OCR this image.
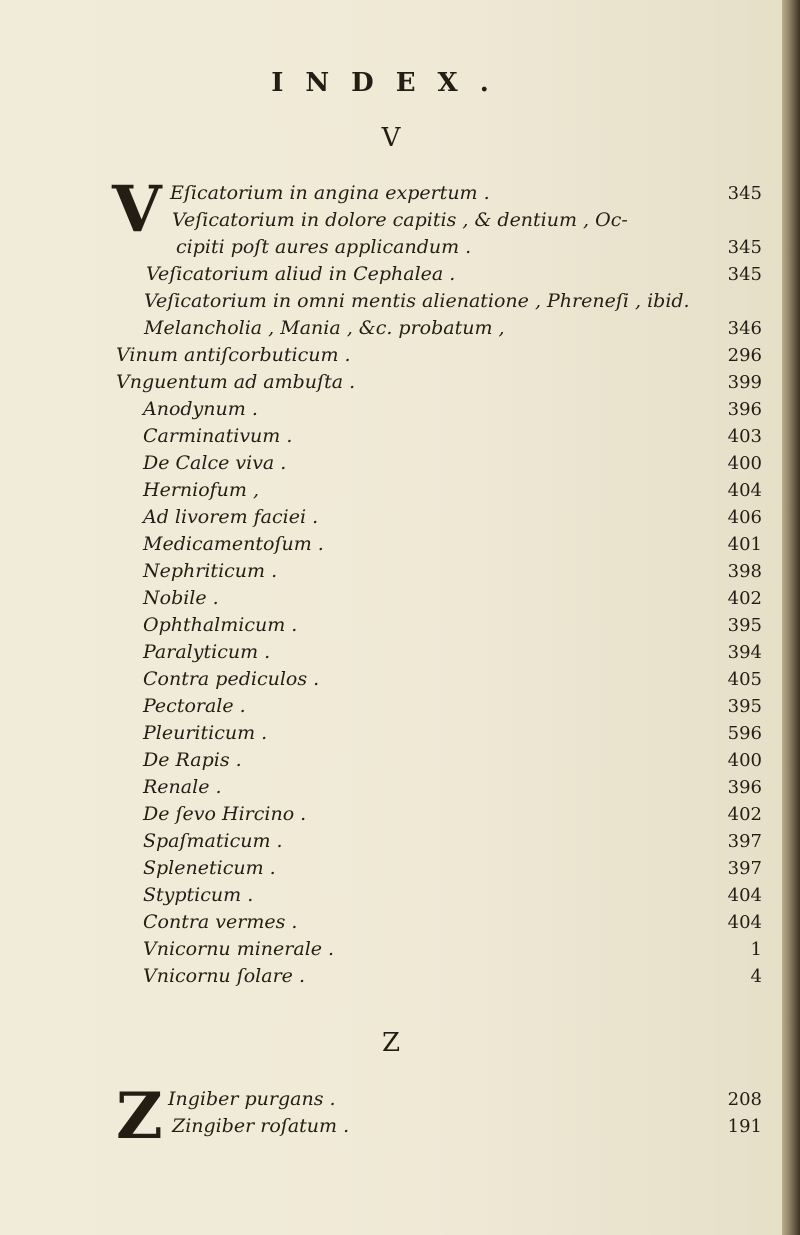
INDEX.
V
V
Z
Z
Eſicatorium in angina expertum .	345
Veſicatorium in dolore capitis , & dentium , Oc-
cipiti poſt aures applicandum .	345
Veſicatorium aliud in Cephalea .	345
Veſicatorium in omni mentis alienatione , Phreneſi , ibid.
Melancholia , Mania , &c. probatum ,	346
Vinum antiſcorbuticum .	296
Vnguentum ad ambuſta .	399
Anodynum .	396
Carminativum .	403
De Calce viva .	400
Herniofum ,	404
Ad livorem faciei .	406
Medicamentoſum .	401
Nephriticum .	398
Nobile .	402
Ophthalmicum .	395
Paralyticum .	394
Contra pediculos .	405
Pectorale .	395
Pleuriticum .	596
De Rapis .	400
Renale .	396
De ſevo Hircino .	402
Spaſmaticum .	397
Spleneticum .	397
Stypticum .	404
Contra vermes .	404
Vnicornu minerale .	1
Vnicornu ſolare .	4
Ingiber purgans .	208
Zingiber roſatum .	191
